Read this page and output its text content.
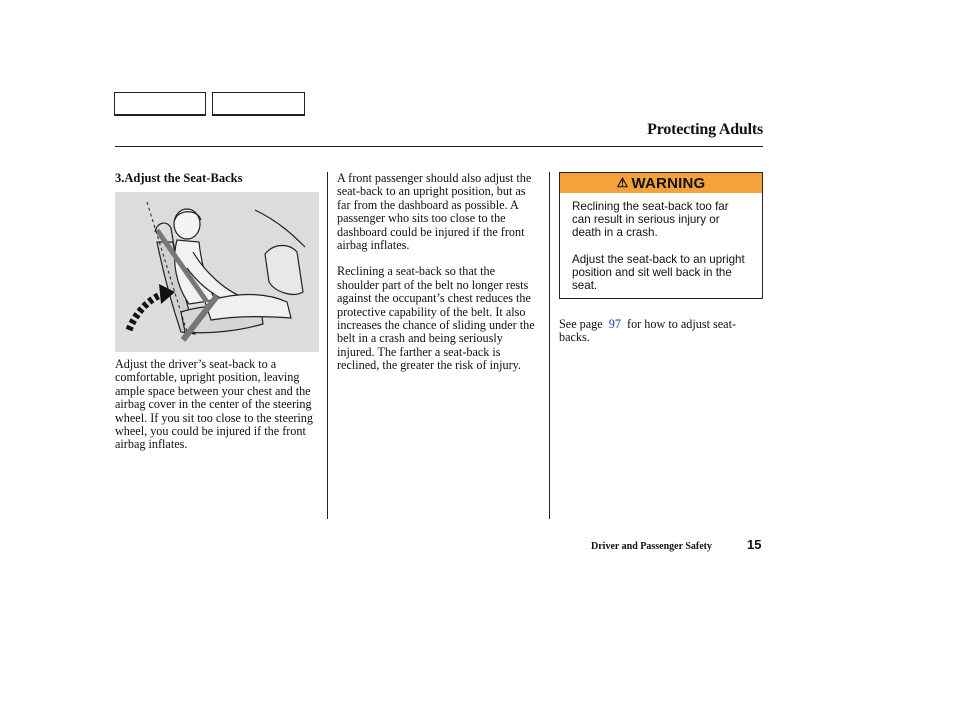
Protecting Adults

3.Adjust the Seat-Backs

Adjust the driver’s seat-back to a comfortable, upright position, leaving ample space between your chest and the airbag cover in the center of the steering wheel. If you sit too close to the steering wheel, you could be injured if the front airbag inflates.

A front passenger should also adjust the seat-back to an upright position, but as far from the dashboard as possible. A passenger who sits too close to the dashboard could be injured if the front airbag inflates.

Reclining a seat-back so that the shoulder part of the belt no longer rests against the occupant’s chest reduces the protective capability of the belt. It also increases the chance of sliding under the belt in a crash and being seriously injured. The farther a seat-back is reclined, the greater the risk of injury.

⚠ WARNING

Reclining the seat-back too far can result in serious injury or death in a crash.

Adjust the seat-back to an upright position and sit well back in the seat.

See page 97 for how to adjust seat-backs.

Driver and Passenger Safety	15
